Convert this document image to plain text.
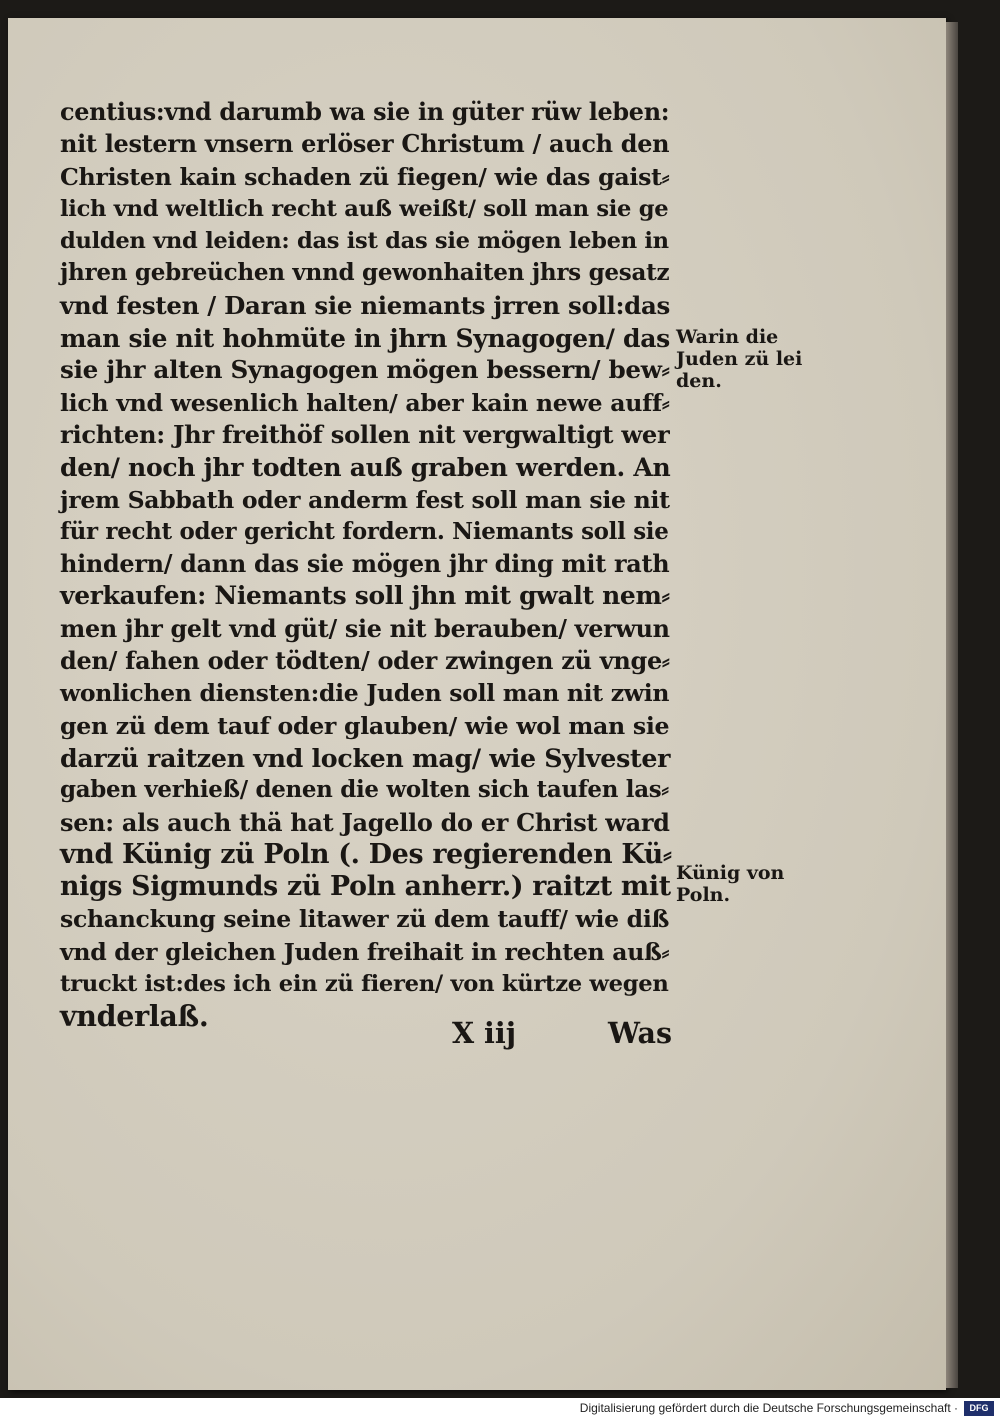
centius:vnd darumb wa sie in güter rüw leben:
nit lestern vnsern erlöser Christum / auch den
Christen kain schaden zü fiegen/ wie das gaist⸗
lich vnd weltlich recht auß weißt/ soll man sie ge
dulden vnd leiden: das ist das sie mögen leben in
jhren gebreüchen vnnd gewonhaiten jhrs gesatz
vnd festen / Daran sie niemants jrren soll:das
man sie nit hohmüte in jhrn Synagogen/ das
sie jhr alten Synagogen mögen bessern/ bew⸗
lich vnd wesenlich halten/ aber kain newe auff⸗
richten: Jhr freithöf sollen nit vergwaltigt wer
den/ noch jhr todten auß graben werden. An
jrem Sabbath oder anderm fest soll man sie nit
für recht oder gericht fordern. Niemants soll sie
hindern/ dann das sie mögen jhr ding mit rath
verkaufen: Niemants soll jhn mit gwalt nem⸗
men jhr gelt vnd güt/ sie nit berauben/ verwun
den/ fahen oder tödten/ oder zwingen zü vnge⸗
wonlichen diensten:die Juden soll man nit zwin
gen zü dem tauf oder glauben/ wie wol man sie
darzü raitzen vnd locken mag/ wie Sylvester
gaben verhieß/ denen die wolten sich taufen las⸗
sen: als auch thä hat Jagello do er Christ ward
vnd Künig zü Poln (. Des regierenden Kü⸗
nigs Sigmunds zü Poln anherr.) raitzt mit
schanckung seine litawer zü dem tauff/ wie diß
vnd der gleichen Juden freihait in rechten auß⸗
truckt ist:des ich ein zü fieren/ von kürtze wegen
vnderlaß.	X iij	Was
Warin die
Juden zü lei
den.
Künig von
Poln.
Digitalisierung gefördert durch die Deutsche Forschungsgemeinschaft ·	DFG
